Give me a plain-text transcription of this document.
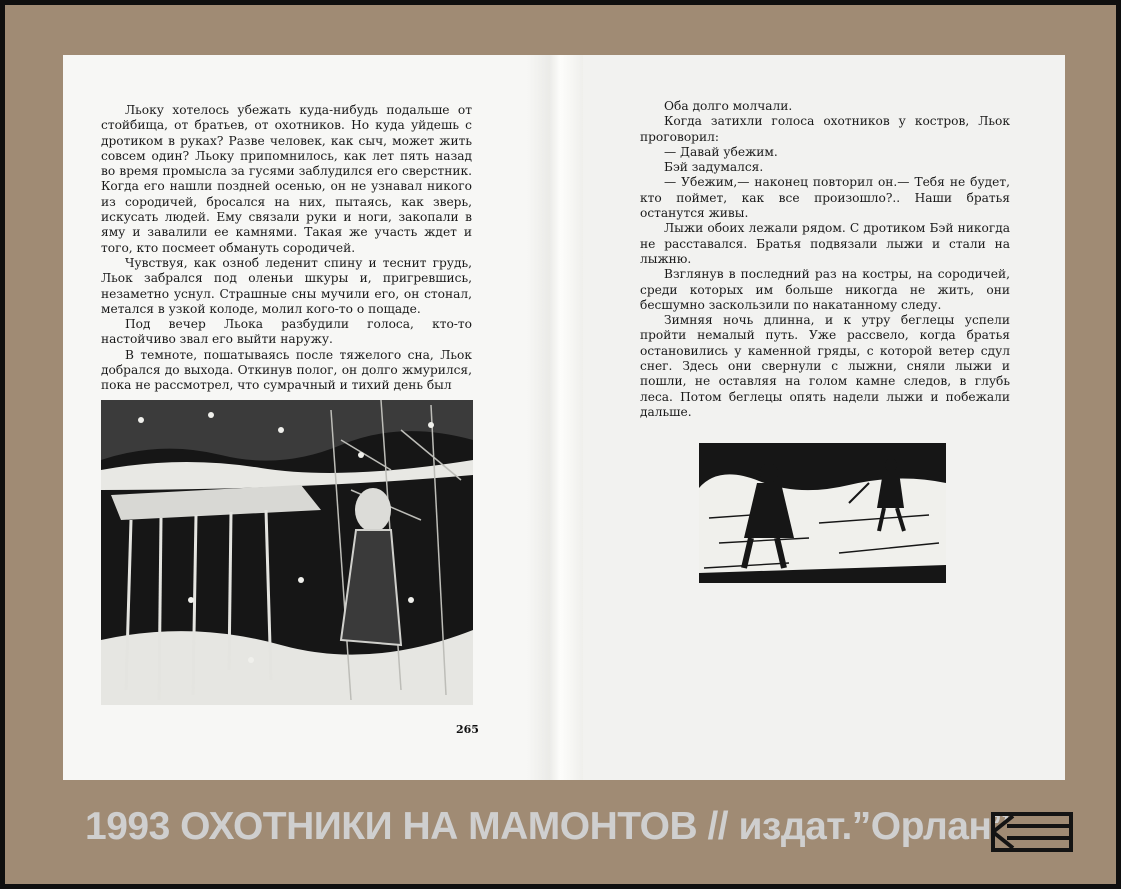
Льоку хотелось убежать куда-нибудь подальше от стойбища, от братьев, от охотников. Но куда уйдешь с дротиком в руках? Разве человек, как сыч, может жить совсем один? Льоку припомнилось, как лет пять назад во время промысла за гусями заблудился его сверстник. Когда его нашли поздней осенью, он не узнавал никого из сородичей, бросался на них, пытаясь, как зверь, искусать людей. Ему связали руки и ноги, закопали в яму и завалили ее камнями. Такая же участь ждет и того, кто посмеет обмануть сородичей.

Чувствуя, как озноб леденит спину и теснит грудь, Льок забрался под оленьи шкуры и, пригревшись, незаметно уснул. Страшные сны мучили его, он стонал, метался в узкой колоде, молил кого-то о пощаде.

Под вечер Льока разбудили голоса, кто-то настойчиво звал его выйти наружу.

В темноте, пошатываясь после тяжелого сна, Льок добрался до выхода. Откинув полог, он долго жмурился, пока не рассмотрел, что сумрачный и тихий день был

265

Оба долго молчали.

Когда затихли голоса охотников у костров, Льок проговорил:

— Давай убежим.

Бэй задумался.

— Убежим,— наконец повторил он.— Тебя не будет, кто поймет, как все произошло?.. Наши братья останутся живы.

Лыжи обоих лежали рядом. С дротиком Бэй никогда не расставался. Братья подвязали лыжи и стали на лыжню.

Взглянув в последний раз на костры, на сородичей, среди которых им больше никогда не жить, они бесшумно заскользили по накатанному следу.

Зимняя ночь длинна, и к утру беглецы успели пройти немалый путь. Уже рассвело, когда братья остановились у каменной гряды, с которой ветер сдул снег. Здесь они свернули с лыжни, сняли лыжи и пошли, не оставляя на голом камне следов, в глубь леса. Потом беглецы опять надели лыжи и побежали дальше.

1993 ОХОТНИКИ НА МАМОНТОВ // издат.”Орлан”
